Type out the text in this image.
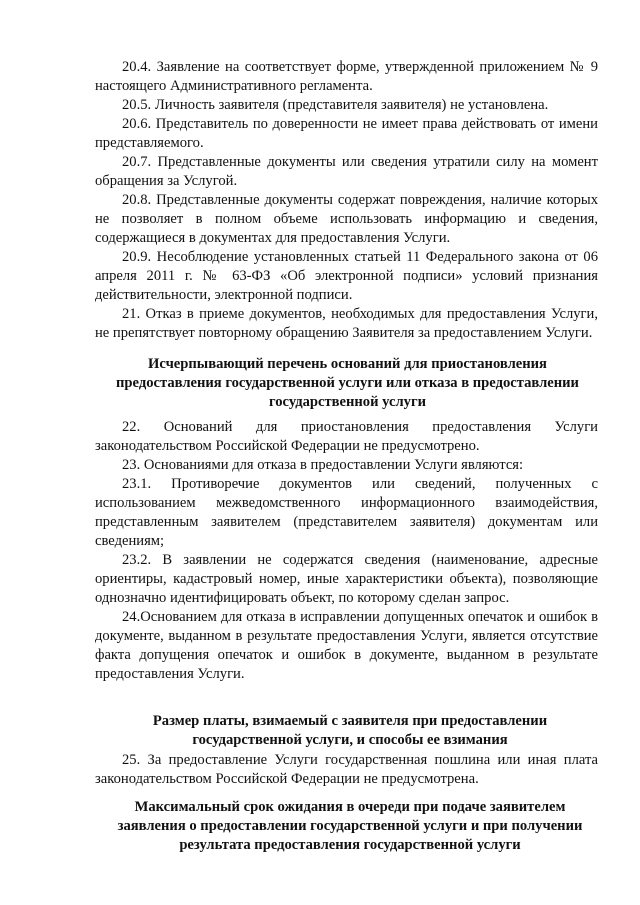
20.4. Заявление на соответствует форме, утвержденной приложением № 9 настоящего Административного регламента.

20.5. Личность заявителя (представителя заявителя) не установлена.

20.6. Представитель по доверенности не имеет права действовать от имени представляемого.

20.7. Представленные документы или сведения утратили силу на момент обращения за Услугой.

20.8. Представленные документы содержат повреждения, наличие которых не позволяет в полном объеме использовать информацию и сведения, содержащиеся в документах для предоставления Услуги.

20.9. Несоблюдение установленных статьей 11 Федерального закона от 06 апреля 2011 г. № 63-ФЗ «Об электронной подписи» условий признания действительности, электронной подписи.

21. Отказ в приеме документов, необходимых для предоставления Услуги, не препятствует повторному обращению Заявителя за предоставлением Услуги.

Исчерпывающий перечень оснований для приостановления предоставления государственной услуги или отказа в предоставлении государственной услуги

22. Оснований для приостановления предоставления Услуги законодательством Российской Федерации не предусмотрено.

23. Основаниями для отказа в предоставлении Услуги являются:

23.1. Противоречие документов или сведений, полученных с использованием межведомственного информационного взаимодействия, представленным заявителем (представителем заявителя) документам или сведениям;

23.2. В заявлении не содержатся сведения (наименование, адресные ориентиры, кадастровый номер, иные характеристики объекта), позволяющие однозначно идентифицировать объект, по которому сделан запрос.

24.Основанием для отказа в исправлении допущенных опечаток и ошибок в документе, выданном в результате предоставления Услуги, является отсутствие факта допущения опечаток и ошибок в документе, выданном в результате предоставления Услуги.

Размер платы, взимаемый с заявителя при предоставлении государственной услуги, и способы ее взимания

25. За предоставление Услуги государственная пошлина или иная плата законодательством Российской Федерации не предусмотрена.

Максимальный срок ожидания в очереди при подаче заявителем заявления о предоставлении государственной услуги и при получении результата предоставления государственной услуги
